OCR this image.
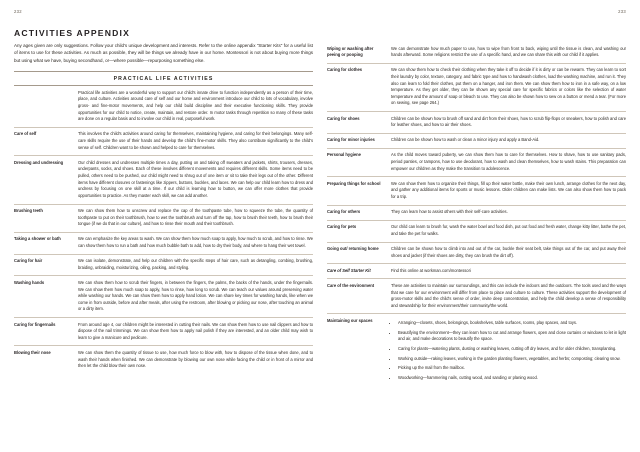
232	233
ACTIVITIES APPENDIX
Any ages given are only suggestions. Follow your child's unique development and interests. Refer to the online appendix "Starter Kits" for a useful list of items to use for these activities. As much as possible, they will be things we already have in our home. Montessori is not about buying more things but using what we have, buying secondhand, or—where possible—repurposing something else.
PRACTICAL LIFE ACTIVITIES

	Practical life activities are a wonderful way to support our child's innate drive to function independently as a person of their time, place, and culture. Activities around care of self and our home and environment introduce our child to lots of vocabulary, involve gross- and fine-motor movements, and help our child build discipline and their executive functioning skills. They provide opportunities for our child to notice, create, maintain, and restore order. In motor tasks through repetition so many of these tasks are done on a regular basis and to involve our child in real, purposeful work.

Care of self	This involves the child's activities around caring for themselves, maintaining hygiene, and caring for their belongings. Many self-care skills require the use of their hands and develop the child's fine-motor skills. They also contribute significantly to the child's sense of self. Children want to be shown and helped to care for themselves.

Dressing and undressing	Our child dresses and undresses multiple times a day, putting on and taking off sweaters and jackets, shirts, trousers, dresses, underpants, socks, and shoes. Each of these involves different movements and requires different skills. Some items need to be pulled, others need to be pushed, our child might need to shrug out of one item or sit to take their legs out of the other. Different items have different closures or fastenings like zippers, buttons, buckles, and laces. We can help our child learn how to dress and undress by focusing on one skill at a time. If our child is learning how to button, we can offer more clothes that provide opportunities to practice. As they master each skill, we can add another.

Brushing teeth	We can show them how to unscrew and replace the cap of the toothpaste tube, how to squeeze the tube, the quantity of toothpaste to put on their toothbrush, how to wet the toothbrush and turn off the tap, how to brush their teeth, how to brush their tongue (if we do that in our culture), and how to rinse their mouth and their toothbrush.

Taking a shower or bath	We can emphasize the key areas to wash. We can show them how much soap to apply, how much to scrub, and how to rinse. We can show them how to run a bath and how much bubble bath to add, how to dry their body, and where to hang their wet towel.

Caring for hair	We can isolate, demonstrate, and help our children with the specific steps of hair care, such as detangling, combing, brushing, braiding, unbraiding, moisturizing, oiling, packing, and styling.

Washing hands	We can show them how to scrub their fingers, in between the fingers, the palms, the backs of the hands, under the fingernails. We can show them how much soap to apply, how to rinse, how long to scrub. We can teach our values around preserving water while washing our hands. We can show them how to apply hand lotion. We can share key times for washing hands, like when we come in from outside, before and after meals, after using the restroom, after blowing or picking our nose, after touching an animal or a dirty item.

Caring for fingernails	From around age 4, our children might be interested in cutting their nails. We can show them how to use nail clippers and how to dispose of the nail trimmings. We can show them how to apply nail polish if they are interested, and an older child may wish to learn to give a manicure and pedicure.

Blowing their nose	We can show them the quantity of tissue to use, how much force to blow with, how to dispose of the tissue when done, and to wash their hands when finished. We can demonstrate by blowing our own nose while facing the child or in front of a mirror and then let the child blow their own nose.

Wiping or washing after peeing or pooping	We can demonstrate how much paper to use, how to wipe from front to back, wiping until the tissue is clean, and washing our hands afterward. Some religions restrict the use of a specific hand, and we can share this with our child if it applies.

Caring for clothes	We can show them how to check their clothing when they take it off to decide if it is dirty or can be rewarm. They can learn to sort their laundry by color, texture, category, and fabric type and how to handwash clothes, load the washing machine, and run it. They also can learn to fold their clothes, put them on a hanger, and iron them. We can show them how to iron in a safe way, on a low temperature. As they get older, they can be shown any special care for specific fabrics or colors like the selection of water temperature and the amount of soap or bleach to use. They can also be shown how to sew on a button or mend a tear. (For more on sewing, see page 264.)

Caring for shoes	Children can be shown how to brush off sand and dirt from their shoes, how to scrub flip-flops or sneakers, how to polish and care for leather shoes, and how to air their shoes.

Caring for minor injuries	Children can be shown how to wash or clean a minor injury and apply a Band-Aid.

Personal hygiene	As the child moves toward puberty, we can show them how to care for themselves. How to shave, how to use sanitary pads, period panties, or tampons, how to use deodorant, how to wash and clean themselves, how to wash stains. This preparation can empower our children as they make the transition to adolescence.

Preparing things for school	We can show them how to organize their things, fill up their water bottle, make their own lunch, arrange clothes for the next day, and gather any additional items for sports or music lessons. Older children can make lists. We can also show them how to pack for a trip.

Caring for others	They can learn how to assist others with their self-care activities.

Caring for pets	Our child can learn to brush fur, wash the water bowl and food dish, put out food and fresh water, change kitty litter, bathe the pet, and take the pet for walks.

Going out/ returning home	Children can be shown how to climb into and out of the car, buckle their seat belt, take things out of the car, and put away their shoes and jacket (if their shoes are dirty, they can brush the dirt off).

Care of Self Starter Kit	Find this online at workman.com/montessori

Care of the environment	These are activities to maintain our surroundings, and this can include the indoors and the outdoors. The tools used and the ways that we care for our environment will differ from place to place and culture to culture. These activities support the development of gross-motor skills and the child's sense of order, invite deep concentration, and help the child develop a sense of responsibility and stewardship for their environment/their community/the world.

Maintaining our spaces	
•Arranging—closets, shoes, belongings, bookshelves, table surfaces, rooms, play spaces, and toys.
• Beautifying the environment—they can learn how to cut and arrange flowers, open and close curtains or windows to let in light and air, and make decorations to beautify the space.
• Caring for plants—watering plants, dusting or washing leaves, cutting off dry leaves, and for older children, transplanting.
• Working outside—raking leaves, working in the garden planting flowers, vegetables, and herbs; composting; clearing snow.
• Picking up the mail from the mailbox.
• Woodworking—hammering nails, cutting wood, and sanding or planing wood.
